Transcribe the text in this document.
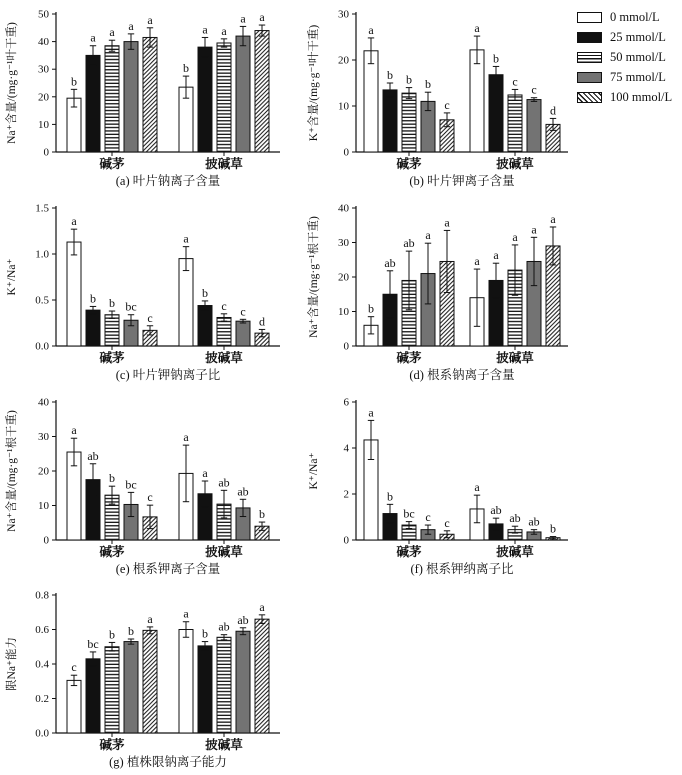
0
10
20
30
40
50
Na⁺含量/(mg·g⁻¹叶干重)	b
a a a a
碱茅
b
a a
a a
披碱草
(a) 叶片钠离子含量
0
10
20
30
K⁺含量/(mg·g⁻¹叶干重)	a
b b b
c
碱茅
a
b
c
c
d
披碱草
(b) 叶片钾离子含量
0.0
0.5
1.0
1.5
K⁺/Na⁺
a
b b bc
c
碱茅
a
b
c c
d
披碱草
(c) 叶片钾钠离子比
0
10
20
30
40
Na⁺含量/(mg·g⁻¹根干重)	b
ab
ab
a
a
碱茅
a a
a
a
a
披碱草
(d) 根系钠离子含量
0
10
20
30
40
Na⁺含量/(mg·g⁻¹根干重)	a
ab
b bc
c
碱茅
a
a
ab
ab
b
披碱草
(e) 根系钾离子含量
0
2
4
6
K⁺/Na⁺
a
b
bc c c
碱茅
a
ab
ab ab b
披碱草
(f) 根系钾纳离子比
0.0
0.2
0.4
0.6
0.8
限Na⁺能力	c
bc
b b
a
碱茅
a
b ab ab
a
披碱草
(g) 植株限钠离子能力
0 mmol/L
25 mmol/L
50 mmol/L
75 mmol/L
100 mmol/L
